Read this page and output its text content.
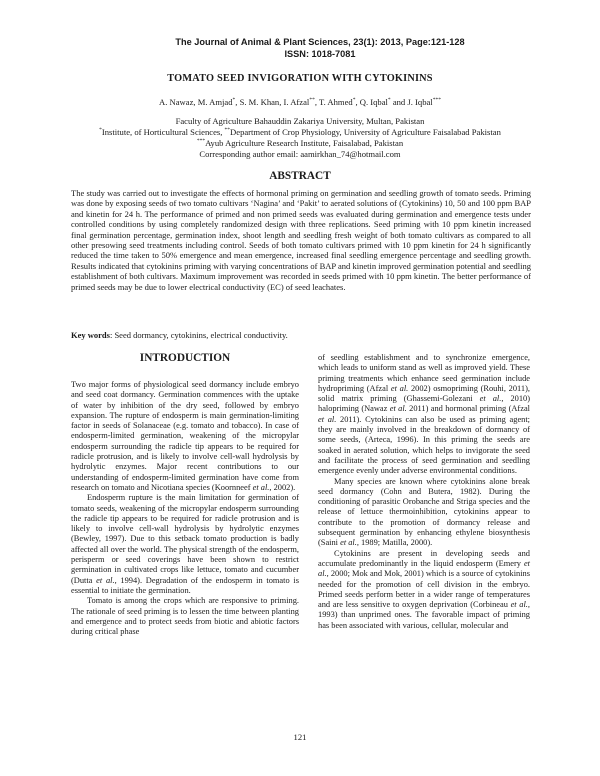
The Journal of Animal & Plant Sciences, 23(1): 2013, Page:121-128
ISSN: 1018-7081
TOMATO SEED INVIGORATION WITH CYTOKININS
A. Nawaz, M. Amjad*, S. M. Khan, I. Afzal**, T. Ahmed*, Q. Iqbal* and J. Iqbal***
Faculty of Agriculture Bahauddin Zakariya University, Multan, Pakistan
*Institute, of Horticultural Sciences, **Department of Crop Physiology, University of Agriculture Faisalabad Pakistan
***Ayub Agriculture Research Institute, Faisalabad, Pakistan
Corresponding author email: aamirkhan_74@hotmail.com
ABSTRACT
The study was carried out to investigate the effects of hormonal priming on germination and seedling growth of tomato seeds. Priming was done by exposing seeds of two tomato cultivars ‘Nagina’ and ‘Pakit’ to aerated solutions of (Cytokinins) 10, 50 and 100 ppm BAP and kinetin for 24 h. The performance of primed and non primed seeds was evaluated during germination and emergence tests under controlled conditions by using completely randomized design with three replications. Seed priming with 10 ppm kinetin increased final germination percentage, germination index, shoot length and seedling fresh weight of both tomato cultivars as compared to all other presowing seed treatments including control. Seeds of both tomato cultivars primed with 10 ppm kinetin for 24 h significantly reduced the time taken to 50% emergence and mean emergence, increased final seedling emergence percentage and seedling growth. Results indicated that cytokinins priming with varying concentrations of BAP and kinetin improved germination potential and seedling establishment of both cultivars. Maximum improvement was recorded in seeds primed with 10 ppm kinetin. The better performance of primed seeds may be due to lower electrical conductivity (EC) of seed leachates.
Key words: Seed dormancy, cytokinins, electrical conductivity.
INTRODUCTION

Two major forms of physiological seed dormancy include embryo and seed coat dormancy. Germination commences with the uptake of water by inhibition of the dry seed, followed by embryo expansion. The rupture of endosperm is main germination-limiting factor in seeds of Solanaceae (e.g. tomato and tobacco). In case of endosperm-limited germination, weakening of the micropylar endosperm surrounding the radicle tip appears to be required for radicle protrusion, and is likely to involve cell-wall hydrolysis by hydrolytic enzymes. Major recent contributions to our understanding of endosperm-limited germination have come from research on tomato and Nicotiana species (Koornneef et al., 2002).

Endosperm rupture is the main limitation for germination of tomato seeds, weakening of the micropylar endosperm surrounding the radicle tip appears to be required for radicle protrusion and is likely to involve cell-wall hydrolysis by hydrolytic enzymes (Bewley, 1997). Due to this setback tomato production is badly affected all over the world. The physical strength of the endosperm, perisperm or seed coverings have been shown to restrict germination in cultivated crops like lettuce, tomato and cucumber (Dutta et al., 1994). Degradation of the endosperm in tomato is essential to initiate the germination.

Tomato is among the crops which are responsive to priming. The rationale of seed priming is to lessen the time between planting and emergence and to protect seeds from biotic and abiotic factors during critical phase

of seedling establishment and to synchronize emergence, which leads to uniform stand as well as improved yield. These priming treatments which enhance seed germination include hydropriming (Afzal et al. 2002) osmopriming (Rouhi, 2011), solid matrix priming (Ghassemi-Golezani et al., 2010) halopriming (Nawaz et al. 2011) and hormonal priming (Afzal et al. 2011). Cytokinins can also be used as priming agent; they are mainly involved in the breakdown of dormancy of some seeds, (Arteca, 1996). In this priming the seeds are soaked in aerated solution, which helps to invigorate the seed and facilitate the process of seed germination and seedling emergence evenly under adverse environmental conditions.

Many species are known where cytokinins alone break seed dormancy (Cohn and Butera, 1982). During the conditioning of parasitic Orobanche and Striga species and the release of lettuce thermoinhibition, cytokinins appear to contribute to the promotion of dormancy release and subsequent germination by enhancing ethylene biosynthesis (Saini et al., 1989; Matilla, 2000).

Cytokinins are present in developing seeds and accumulate predominantly in the liquid endosperm (Emery et al., 2000; Mok and Mok, 2001) which is a source of cytokinins needed for the promotion of cell division in the embryo. Primed seeds perform better in a wider range of temperatures and are less sensitive to oxygen deprivation (Corbineau et al., 1993) than unprimed ones. The favorable impact of priming has been associated with various, cellular, molecular and

121
